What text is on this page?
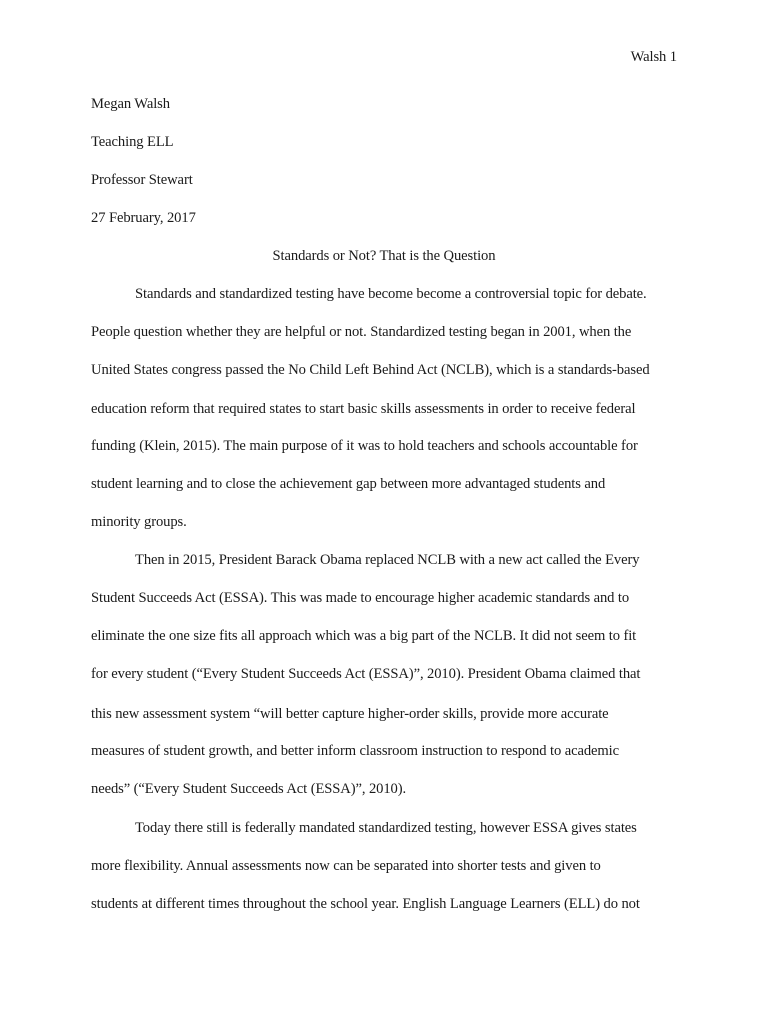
Walsh 1
Megan Walsh
Teaching ELL
Professor Stewart
27 February, 2017
Standards or Not? That is the Question
Standards and standardized testing have become become a controversial topic for debate.
People question whether they are helpful or not. Standardized testing began in 2001, when the
United States congress passed the No Child Left Behind Act (NCLB), which is a standards-based
education reform that required states to start basic skills assessments in order to receive federal
funding (Klein, 2015). The main purpose of it was to hold teachers and schools accountable for
student learning and to close the achievement gap between more advantaged students and
minority groups.
Then in 2015, President Barack Obama replaced NCLB with a new act called the Every
Student Succeeds Act (ESSA). This was made to encourage higher academic standards and to
eliminate the one size fits all approach which was a big part of the NCLB. It did not seem to fit
for every student (“Every Student Succeeds Act (ESSA)”, 2010). President Obama claimed that
this new assessment system “will better capture higher-order skills, provide more accurate
measures of student growth, and better inform classroom instruction to respond to academic
needs” (“Every Student Succeeds Act (ESSA)”, 2010).
Today there still is federally mandated standardized testing, however ESSA gives states
more flexibility. Annual assessments now can be separated into shorter tests and given to
students at different times throughout the school year. English Language Learners (ELL) do not
